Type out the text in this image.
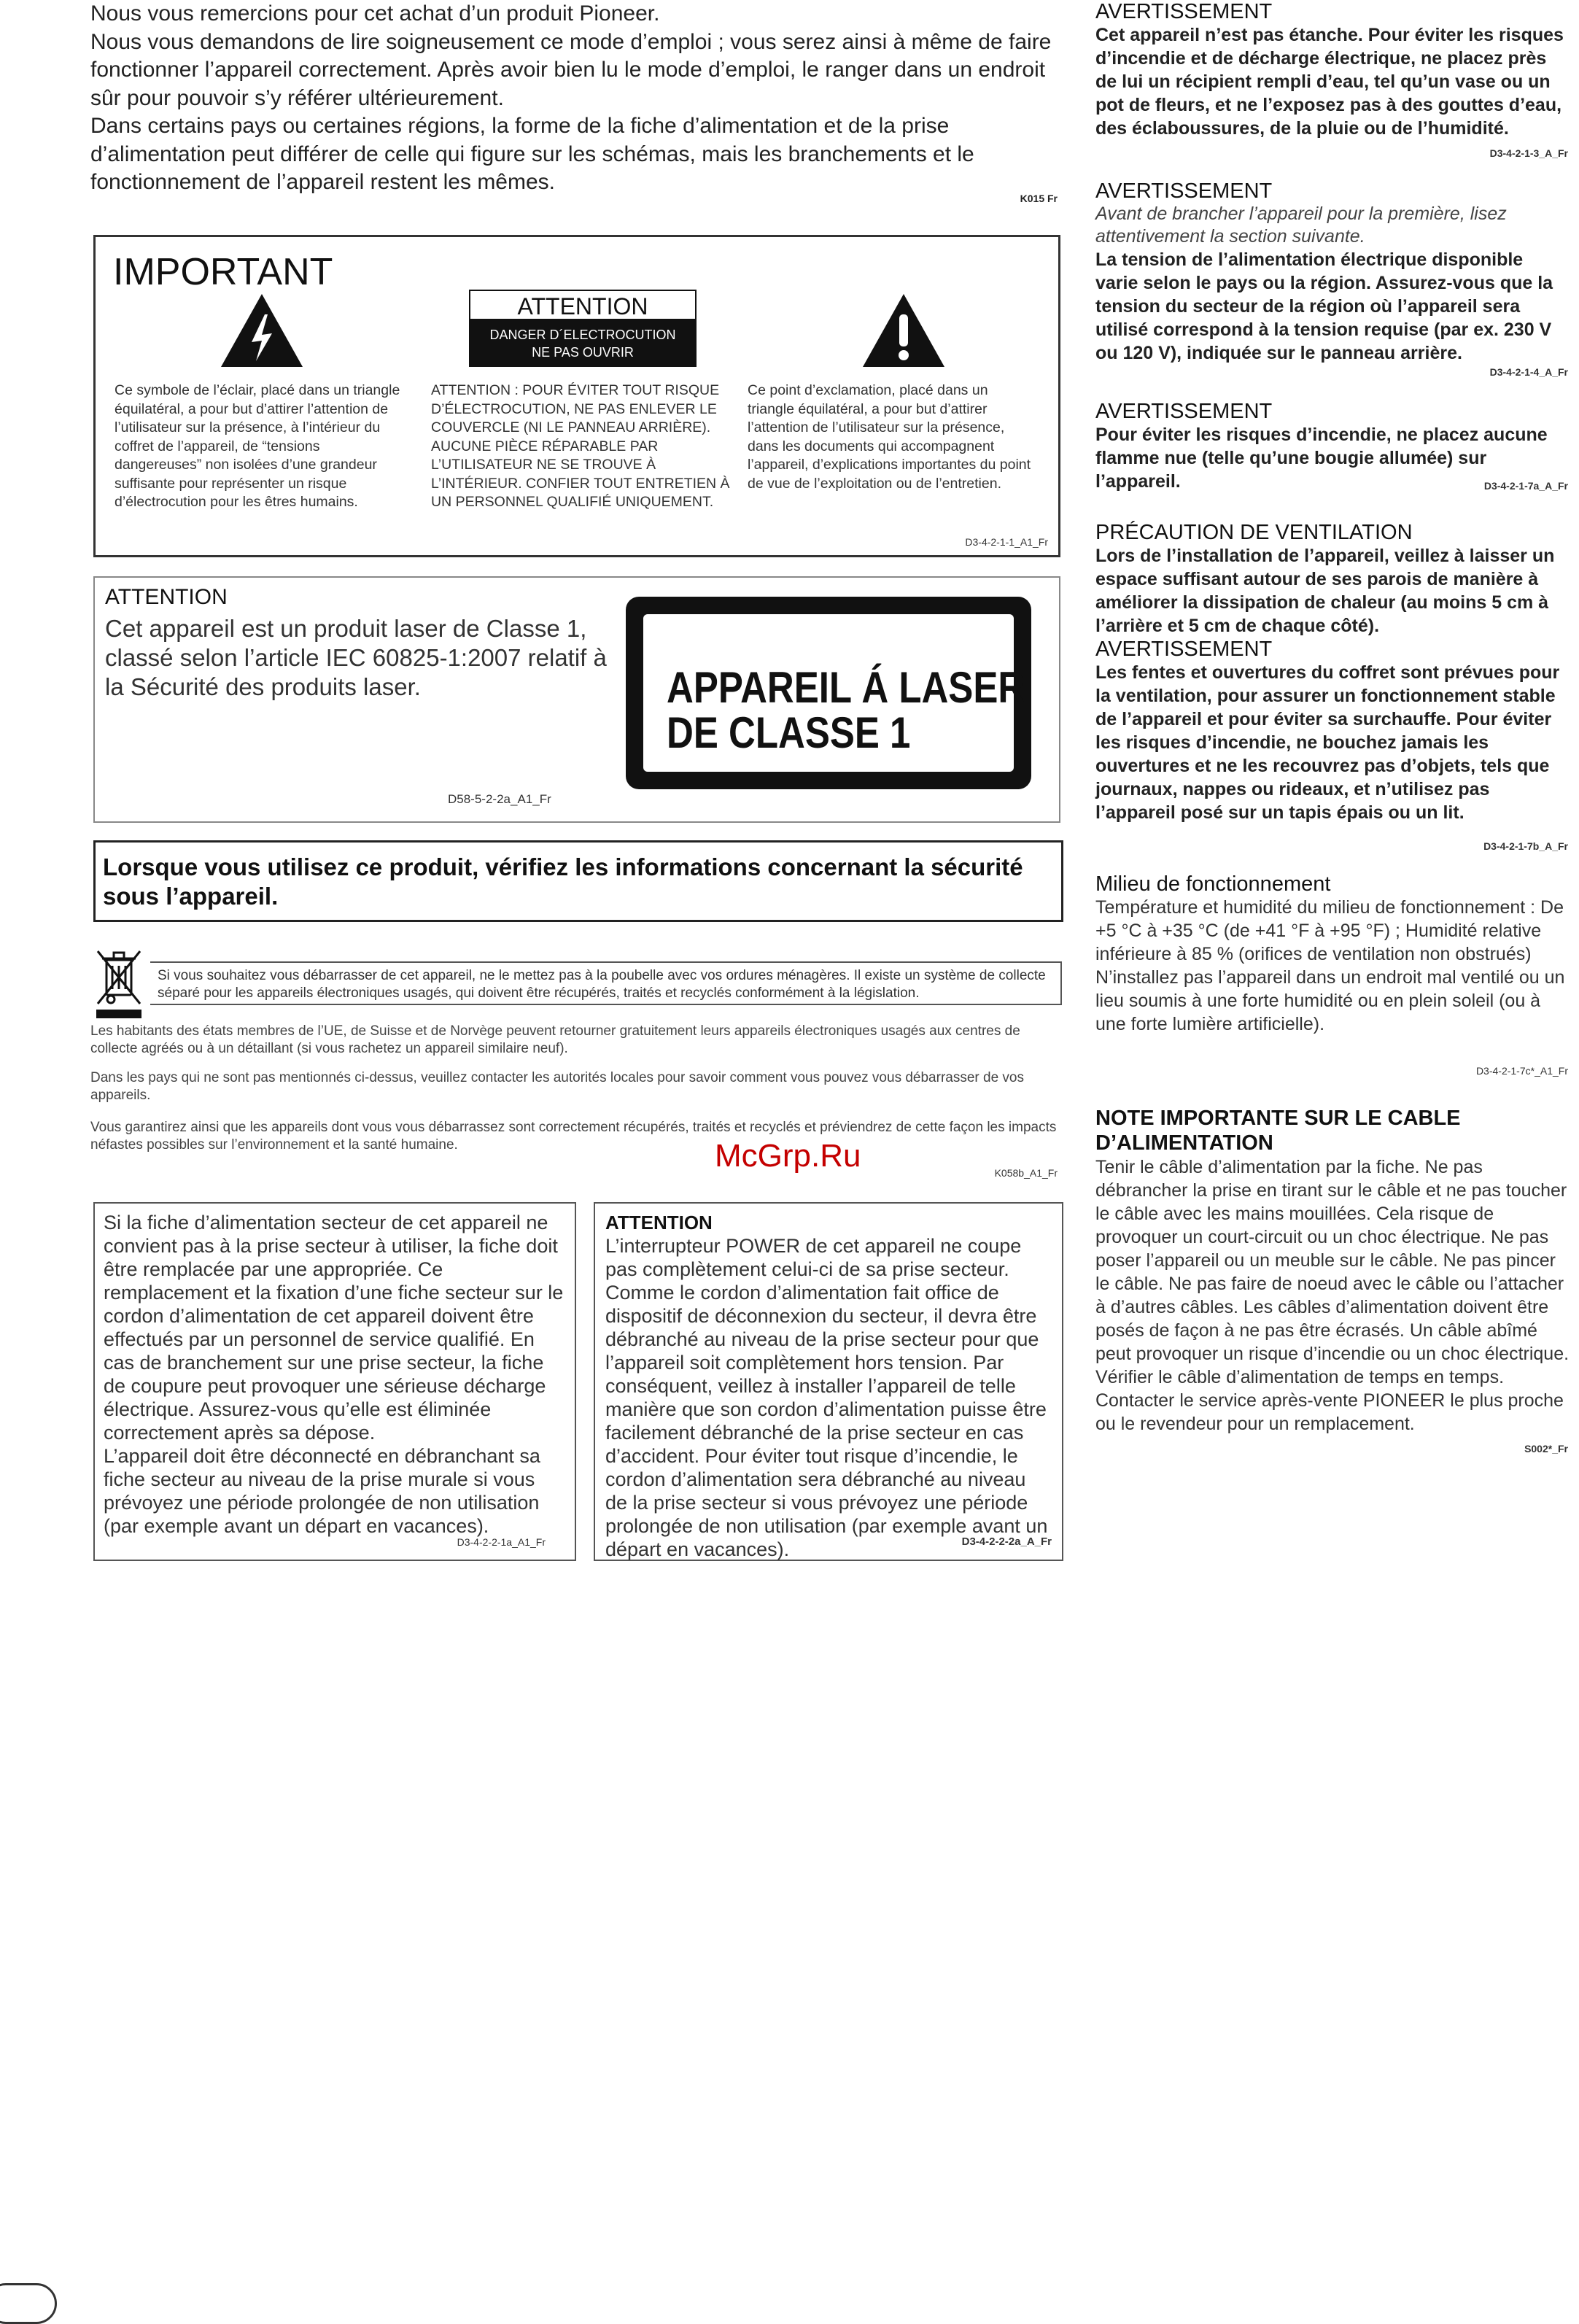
Nous vous remercions pour cet achat d’un produit Pioneer.

Nous vous demandons de lire soigneusement ce mode d’emploi ; vous serez ainsi à même de faire fonctionner l’appareil correctement. Après avoir bien lu le mode d’emploi, le ranger dans un endroit sûr pour pouvoir s’y référer ultérieurement.

Dans certains pays ou certaines régions, la forme de la fiche d’alimentation et de la prise d’alimentation peut différer de celle qui figure sur les schémas, mais les branchements et le fonctionnement de l’appareil restent les mêmes.

K015 Fr
IMPORTANT
ATTENTION
DANGER D´ELECTROCUTION
NE PAS OUVRIR
Ce symbole de l’éclair, placé dans un triangle équilatéral, a pour but d’attirer l’attention de l’utilisateur sur la présence, à l’intérieur du coffret de l’appareil, de “tensions dangereuses” non isolées d’une grandeur suffisante pour représenter un risque d’électrocution pour les êtres humains.
ATTENTION : POUR ÉVITER TOUT RISQUE D’ÉLECTROCUTION, NE PAS ENLEVER LE COUVERCLE (NI LE PANNEAU ARRIÈRE). AUCUNE PIÈCE RÉPARABLE PAR L’UTILISATEUR NE SE TROUVE À L’INTÉRIEUR. CONFIER TOUT ENTRETIEN À UN PERSONNEL QUALIFIÉ UNIQUEMENT.
Ce point d’exclamation, placé dans un triangle équilatéral, a pour but d’attirer l’attention de l’utilisateur sur la présence, dans les documents qui accompagnent l’appareil, d’explications importantes du point de vue de l’exploitation ou de l’entretien.
D3-4-2-1-1_A1_Fr
ATTENTION
Cet appareil est un produit laser de Classe 1, classé selon l’article IEC 60825-1:2007 relatif à la Sécurité des produits laser.	APPAREIL Á LASER
DE CLASSE 1
D58-5-2-2a_A1_Fr
Lorsque vous utilisez ce produit, vérifiez les informations concernant la sécurité sous l’appareil.
Si vous souhaitez vous débarrasser de cet appareil, ne le mettez pas à la poubelle avec vos ordures ménagères. Il existe un système de collecte séparé pour les appareils électroniques usagés, qui doivent être récupérés, traités et recyclés conformément à la législation.
Les habitants des états membres de l’UE, de Suisse et de Norvège peuvent retourner gratuitement leurs appareils électroniques usagés aux centres de collecte agréés ou à un détaillant (si vous rachetez un appareil similaire neuf).
Dans les pays qui ne sont pas mentionnés ci-dessus, veuillez contacter les autorités locales pour savoir comment vous pouvez vous débarrasser de vos appareils.
Vous garantirez ainsi que les appareils dont vous vous débarrassez sont correctement récupérés, traités et recyclés et préviendrez de cette façon les impacts néfastes possibles sur l’environnement et la santé humaine.
K058b_A1_Fr
McGrp.Ru

Si la fiche d’alimentation secteur de cet appareil ne convient pas à la prise secteur à utiliser, la fiche doit être remplacée par une appropriée. Ce remplacement et la fixation d’une fiche secteur sur le cordon d’alimentation de cet appareil doivent être effectués par un personnel de service qualifié. En cas de branchement sur une prise secteur, la fiche de coupure peut provoquer une sérieuse décharge électrique. Assurez-vous qu’elle est éliminée correctement après sa dépose.

L’appareil doit être déconnecté en débranchant sa fiche secteur au niveau de la prise murale si vous prévoyez une période prolongée de non utilisation (par exemple avant un départ en vacances).

D3-4-2-2-1a_A1_Fr
ATTENTION

L’interrupteur POWER de cet appareil ne coupe pas complètement celui-ci de sa prise secteur. Comme le cordon d’alimentation fait office de dispositif de déconnexion du secteur, il devra être débranché au niveau de la prise secteur pour que l’appareil soit complètement hors tension. Par conséquent, veillez à installer l’appareil de telle manière que son cordon d’alimentation puisse être facilement débranché de la prise secteur en cas d’accident. Pour éviter tout risque d’incendie, le cordon d’alimentation sera débranché au niveau de la prise secteur si vous prévoyez une période prolongée de non utilisation (par exemple avant un départ en vacances).	D3-4-2-2-2a_A_Fr
AVERTISSEMENT
Cet appareil n’est pas étanche. Pour éviter les risques d’incendie et de décharge électrique, ne placez près de lui un récipient rempli d’eau, tel qu’un vase ou un pot de fleurs, et ne l’exposez pas à des gouttes d’eau, des éclaboussures, de la pluie ou de l’humidité.
D3-4-2-1-3_A_Fr
AVERTISSEMENT
Avant de brancher l’appareil pour la première, lisez attentivement la section suivante.
La tension de l’alimentation électrique disponible varie selon le pays ou la région. Assurez-vous que la tension du secteur de la région où l’appareil sera utilisé correspond à la tension requise (par ex. 230 V ou 120 V), indiquée sur le panneau arrière.
D3-4-2-1-4_A_Fr
AVERTISSEMENT
Pour éviter les risques d’incendie, ne placez aucune flamme nue (telle qu’une bougie allumée) sur l’appareil.	D3-4-2-1-7a_A_Fr
PRÉCAUTION DE VENTILATION
Lors de l’installation de l’appareil, veillez à laisser un espace suffisant autour de ses parois de manière à améliorer la dissipation de chaleur (au moins 5 cm à l’arrière et 5 cm de chaque côté).
AVERTISSEMENT
Les fentes et ouvertures du coffret sont prévues pour la ventilation, pour assurer un fonctionnement stable de l’appareil et pour éviter sa surchauffe. Pour éviter les risques d’incendie, ne bouchez jamais les ouvertures et ne les recouvrez pas d’objets, tels que journaux, nappes ou rideaux, et n’utilisez pas l’appareil posé sur un tapis épais ou un lit.
D3-4-2-1-7b_A_Fr
Milieu de fonctionnement
Température et humidité du milieu de fonctionnement : De +5 °C à +35 °C (de +41 °F à +95 °F) ; Humidité relative inférieure à 85 % (orifices de ventilation non obstrués)
N’installez pas l’appareil dans un endroit mal ventilé ou un lieu soumis à une forte humidité ou en plein soleil (ou à une forte lumière artificielle).
D3-4-2-1-7c*_A1_Fr
NOTE IMPORTANTE SUR LE CABLE D’ALIMENTATION
Tenir le câble d’alimentation par la fiche. Ne pas débrancher la prise en tirant sur le câble et ne pas toucher le câble avec les mains mouillées. Cela risque de provoquer un court-circuit ou un choc électrique. Ne pas poser l’appareil ou un meuble sur le câble. Ne pas pincer le câble. Ne pas faire de noeud avec le câble ou l’attacher à d’autres câbles. Les câbles d’alimentation doivent être posés de façon à ne pas être écrasés. Un câble abîmé peut provoquer un risque d’incendie ou un choc électrique. Vérifier le câble d’alimentation de temps en temps. Contacter le service après-vente PIONEER le plus proche ou le revendeur pour un remplacement.
S002*_Fr
